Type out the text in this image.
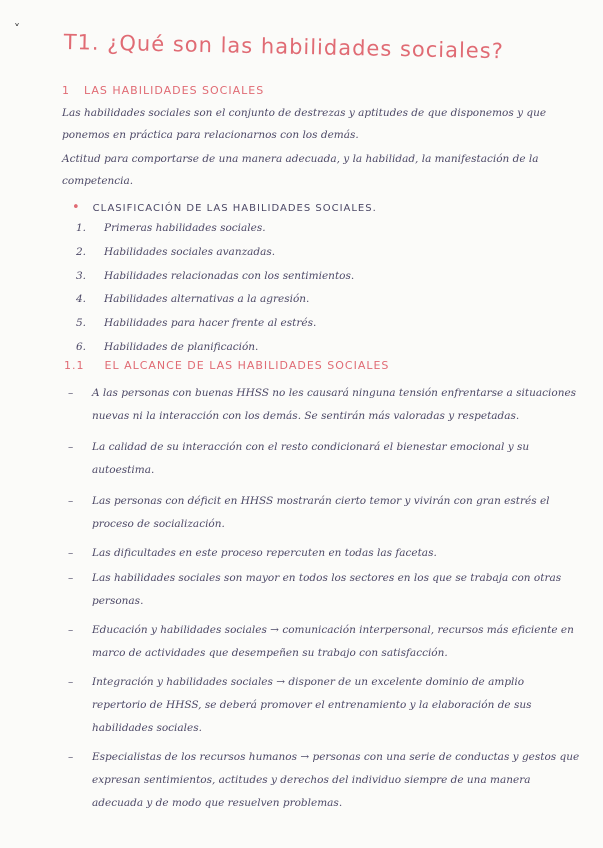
T1. ¿Qué son las habilidades sociales?
1 LAS HABILIDADES SOCIALES
Las habilidades sociales son el conjunto de destrezas y aptitudes de que disponemos y que ponemos en práctica para relacionarnos con los demás.
Actitud para comportarse de una manera adecuada, y la habilidad, la manifestación de la competencia.
• CLASIFICACIÓN DE LAS HABILIDADES SOCIALES.
1. Primeras habilidades sociales.
2. Habilidades sociales avanzadas.
3. Habilidades relacionadas con los sentimientos.
4. Habilidades alternativas a la agresión.
5. Habilidades para hacer frente al estrés.
6. Habilidades de planificación.
1.1 EL ALCANCE DE LAS HABILIDADES SOCIALES
– A las personas con buenas HHSS no les causará ninguna tensión enfrentarse a situaciones nuevas ni la interacción con los demás. Se sentirán más valoradas y respetadas.
– La calidad de su interacción con el resto condicionará el bienestar emocional y su autoestima.
– Las personas con déficit en HHSS mostrarán cierto temor y vivirán con gran estrés el proceso de socialización.
– Las dificultades en este proceso repercuten en todas las facetas.
– Las habilidades sociales son mayor en todos los sectores en los que se trabaja con otras personas.
– Educación y habilidades sociales → comunicación interpersonal, recursos más eficiente en marco de actividades que desempeñen su trabajo con satisfacción.
– Integración y habilidades sociales → disponer de un excelente dominio de amplio repertorio de HHSS, se deberá promover el entrenamiento y la elaboración de sus habilidades sociales.
– Especialistas de los recursos humanos → personas con una serie de conductas y gestos que expresan sentimientos, actitudes y derechos del individuo siempre de una manera adecuada y de modo que resuelven problemas.
˅
